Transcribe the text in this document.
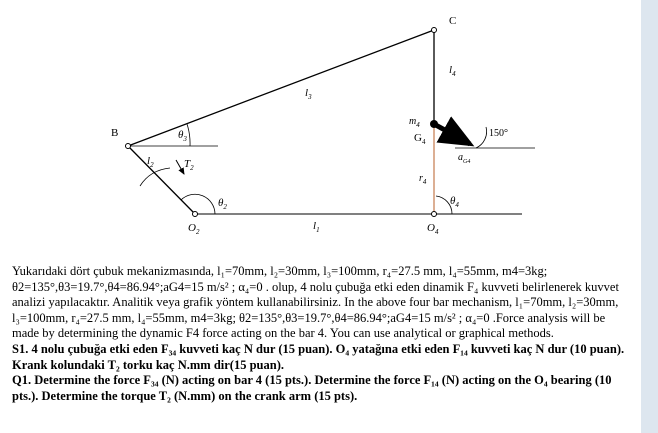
C
B
$l_3$
$l_4$
$m_4$
$G_4$
150°
$a_{G4}$
$r_4$
$\theta_4$
$O_4$
$O_2$	$l_1$
$\theta_2$
$\theta_3$
$T_2$
$l_2$

Yukarıdaki dört çubuk mekanizmasında, l₁=70mm, l₂=30mm, l₃=100mm, r₄=27.5 mm, l₄=55mm, m4=3kg; θ2=135°,θ3=19.7°,θ4=86.94°;aG4=15 m/s² ; α₄=0 . olup, 4 nolu çubuğa etki eden dinamik F₄ kuvveti belirlenerek kuvvet analizi yapılacaktır. Analitik veya grafik yöntem kullanabilirsiniz. In the above four bar mechanism, l₁=70mm, l₂=30mm, l₃=100mm, r₄=27.5 mm, l₄=55mm, m4=3kg; θ2=135°,θ3=19.7°,θ4=86.94°;aG4=15 m/s² ; α₄=0 .Force analysis will be made by determining the dynamic F4 force acting on the bar 4. You can use analytical or graphical methods.

S1. 4 nolu çubuğa etki eden F₃₄ kuvveti kaç N dur (15 puan). O₄ yatağına etki eden F₁₄ kuvveti kaç N dur (10 puan). Krank kolundaki T₂ torku kaç N.mm dir(15 puan).

Q1. Determine the force F₃₄ (N) acting on bar 4 (15 pts.). Determine the force F₁₄ (N) acting on the O₄ bearing (10 pts.). Determine the torque T₂ (N.mm) on the crank arm (15 pts).
